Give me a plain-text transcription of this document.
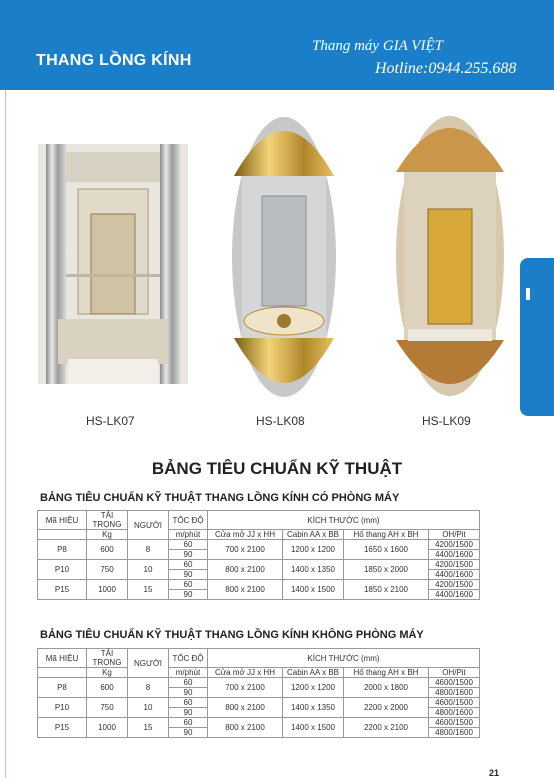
THANG LỒNG KÍNH
Thang máy GIA VIỆT
Hotline:0944.255.688
HS-LK07	HS-LK08	HS-LK09
BẢNG TIÊU CHUẨN KỸ THUẬT
BẢNG TIÊU CHUẨN KỸ THUẬT THANG LỒNG KÍNH CÓ PHÒNG MÁY
Mã HIỆU	TẢI TRỌNG	NGƯỜI	TỐC ĐỘ	KÍCH THƯỚC (mm)			
	Kg		m/phút	Cửa mở JJ x HH	Cabin AA x BB	Hố thang AH x BH	OH/Pit
P8	600	8	60	700 x 2100	1200 x 1200	1650 x 1600	4200/1500
			90				4400/1600
P10	750	10	60	800 x 2100	1400 x 1350	1850 x 2000	4200/1500
			90				4400/1600
P15	1000	15	60	800 x 2100	1400 x 1500	1850 x 2100	4200/1500
			90				4400/1600
BẢNG TIÊU CHUẨN KỸ THUẬT THANG LỒNG KÍNH KHÔNG PHÒNG MÁY
Mã HIỆU	TẢI TRỌNG	NGƯỜI	TỐC ĐỘ	KÍCH THƯỚC (mm)			
	Kg		m/phút	Cửa mở JJ x HH	Cabin AA x BB	Hố thang AH x BH	OH/Pit
P8	600	8	60	700 x 2100	1200 x 1200	2000 x 1800	4600/1500
			90				4800/1600
P10	750	10	60	800 x 2100	1400 x 1350	2200 x 2000	4600/1500
			90				4800/1600
P15	1000	15	60	800 x 2100	1400 x 1500	2200 x 2100	4600/1500
			90				4800/1600
21
